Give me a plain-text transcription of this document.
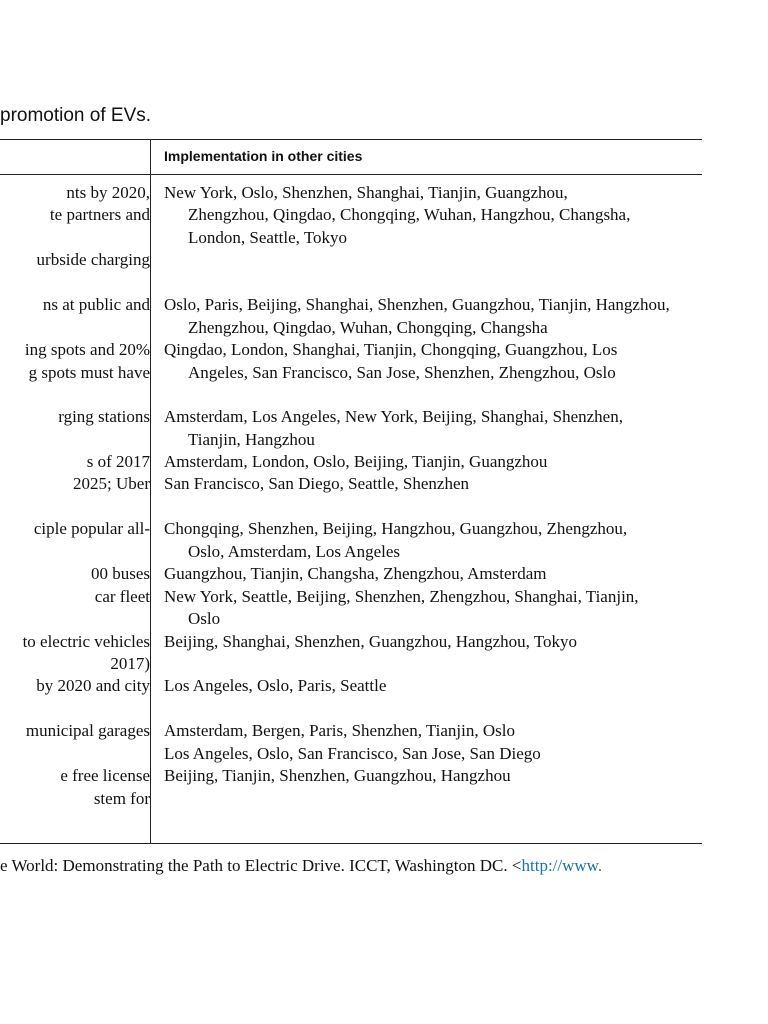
promotion of EVs.
Implementation in other cities
nts by 2020,
te partners and
urbside charging
ns at public and
ing spots and 20%
g spots must have
rging stations
s of 2017
2025; Uber
ciple popular all-
00 buses
car fleet
to electric vehicles
2017)
by 2020 and city
municipal garages
e free license
stem for
New York, Oslo, Shenzhen, Shanghai, Tianjin, Guangzhou,
Zhengzhou, Qingdao, Chongqing, Wuhan, Hangzhou, Changsha,
London, Seattle, Tokyo
Oslo, Paris, Beijing, Shanghai, Shenzhen, Guangzhou, Tianjin, Hangzhou,
Zhengzhou, Qingdao, Wuhan, Chongqing, Changsha
Qingdao, London, Shanghai, Tianjin, Chongqing, Guangzhou, Los
Angeles, San Francisco, San Jose, Shenzhen, Zhengzhou, Oslo
Amsterdam, Los Angeles, New York, Beijing, Shanghai, Shenzhen,
Tianjin, Hangzhou
Amsterdam, London, Oslo, Beijing, Tianjin, Guangzhou
San Francisco, San Diego, Seattle, Shenzhen
Chongqing, Shenzhen, Beijing, Hangzhou, Guangzhou, Zhengzhou,
Oslo, Amsterdam, Los Angeles
Guangzhou, Tianjin, Changsha, Zhengzhou, Amsterdam
New York, Seattle, Beijing, Shenzhen, Zhengzhou, Shanghai, Tianjin,
Oslo
Beijing, Shanghai, Shenzhen, Guangzhou, Hangzhou, Tokyo
Los Angeles, Oslo, Paris, Seattle
Amsterdam, Bergen, Paris, Shenzhen, Tianjin, Oslo
Los Angeles, Oslo, San Francisco, San Jose, San Diego
Beijing, Tianjin, Shenzhen, Guangzhou, Hangzhou
e World: Demonstrating the Path to Electric Drive. ICCT, Washington DC. <http://www.
